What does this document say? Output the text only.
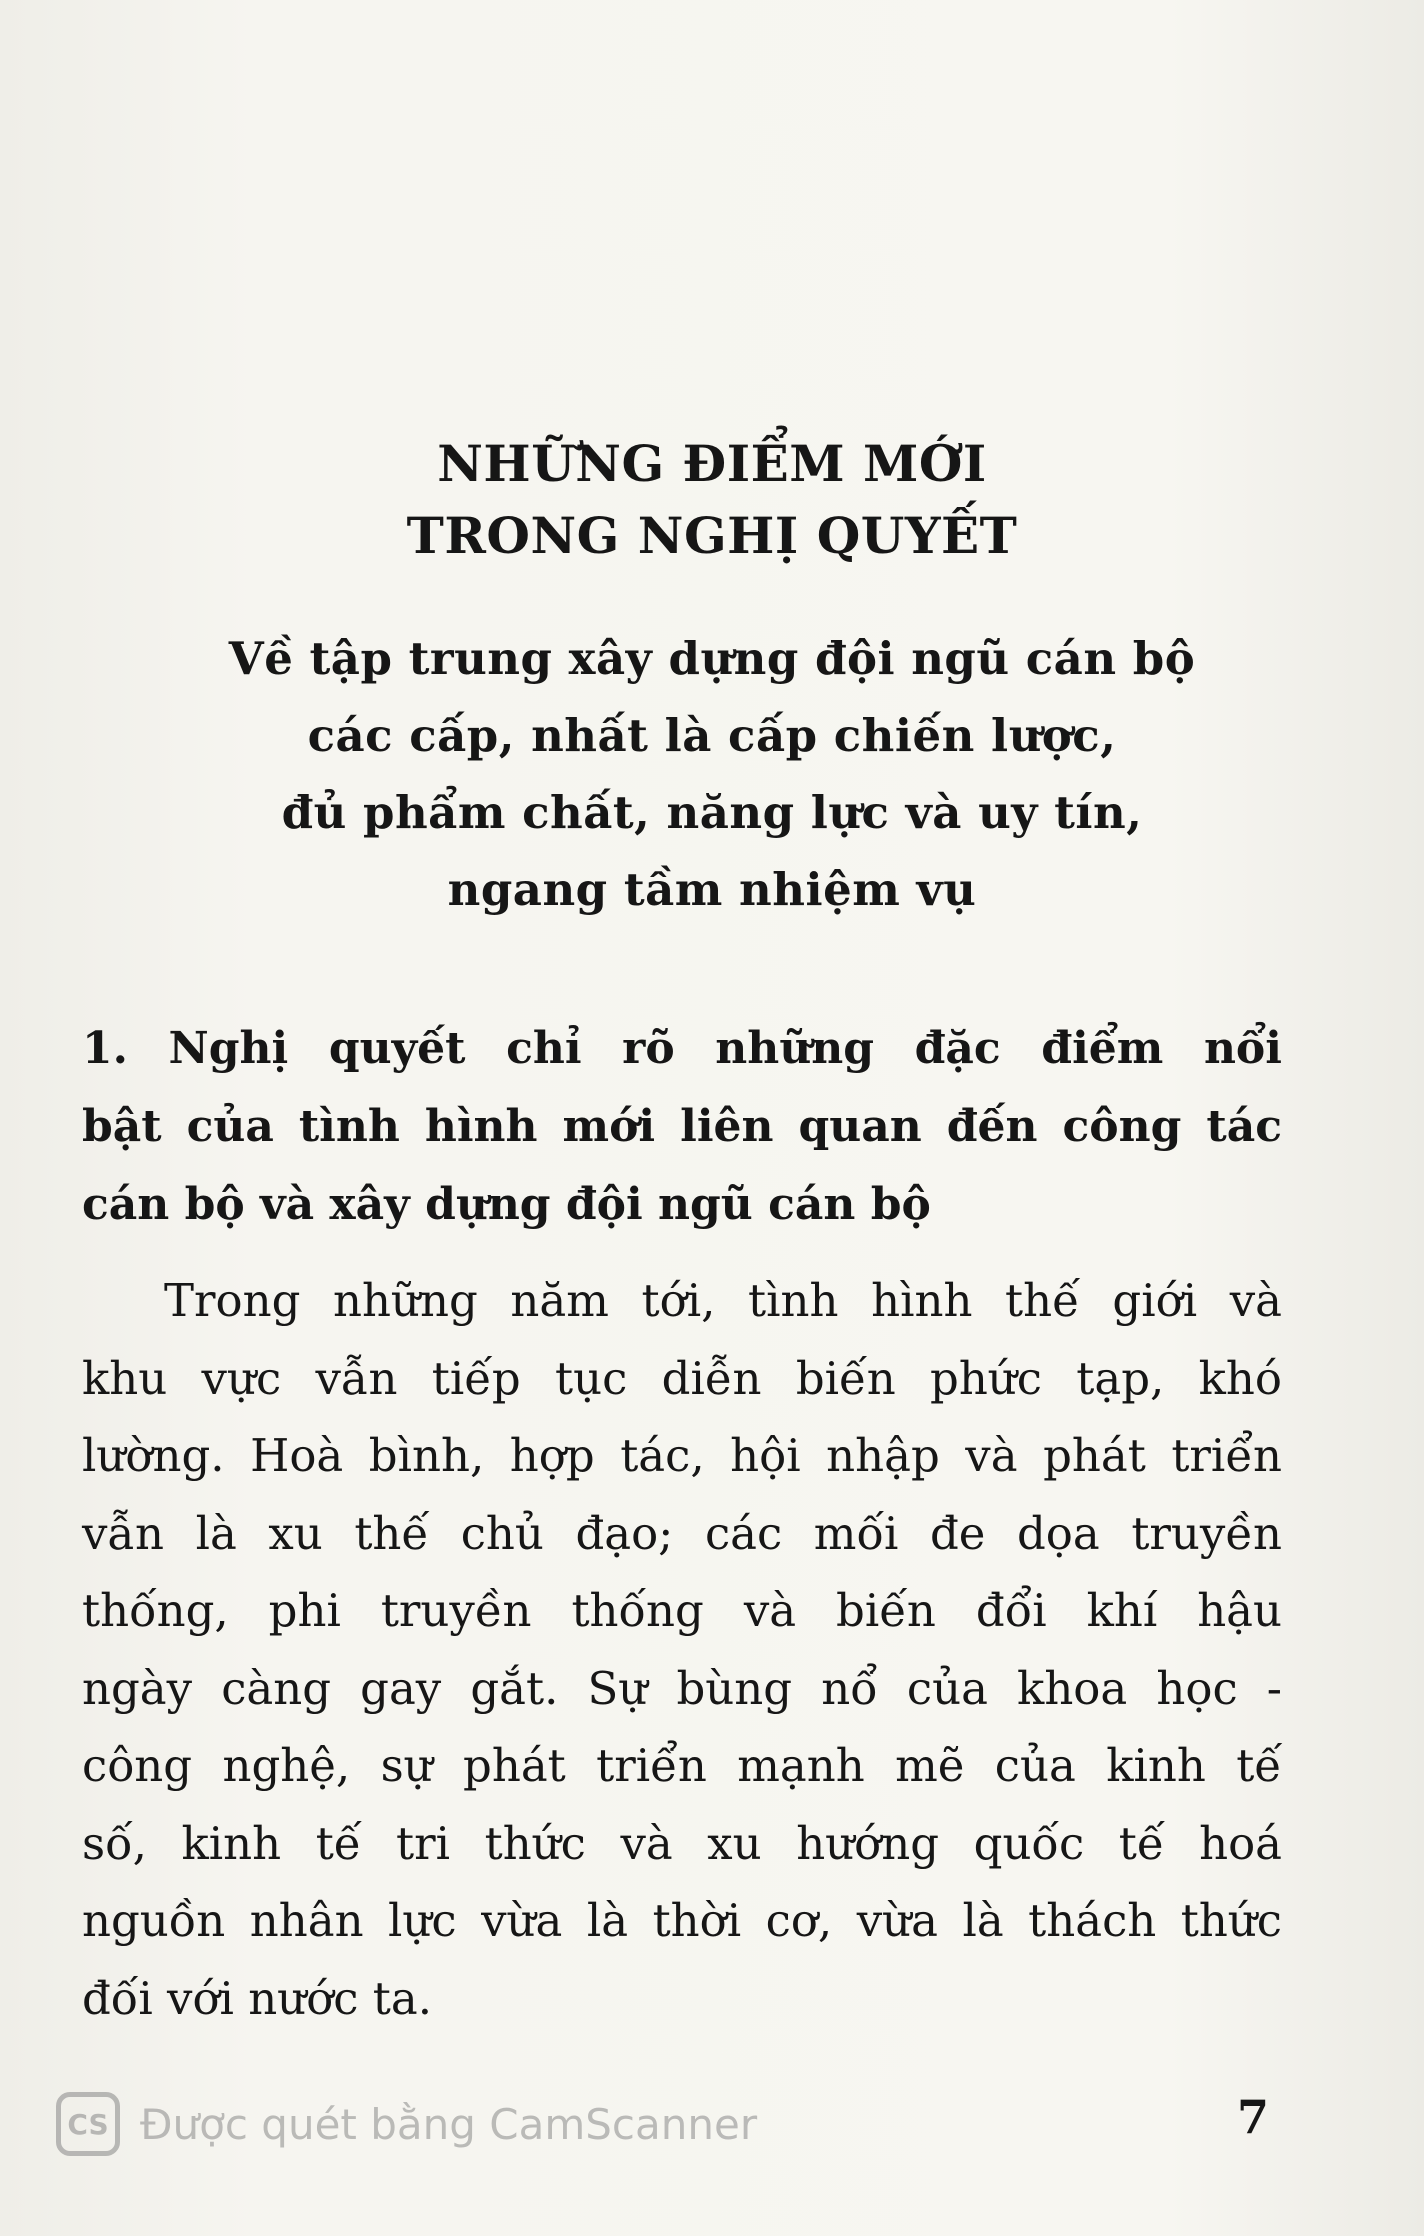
NHỮNG ĐIỂM MỚI
TRONG NGHỊ QUYẾT
Về tập trung xây dựng đội ngũ cán bộ
các cấp, nhất là cấp chiến lược,
đủ phẩm chất, năng lực và uy tín,
ngang tầm nhiệm vụ
1. Nghị quyết chỉ rõ những đặc điểm nổi
bật của tình hình mới liên quan đến công tác
cán bộ và xây dựng đội ngũ cán bộ
Trong những năm tới, tình hình thế giới và
khu vực vẫn tiếp tục diễn biến phức tạp, khó
lường. Hoà bình, hợp tác, hội nhập và phát triển
vẫn là xu thế chủ đạo; các mối đe dọa truyền
thống, phi truyền thống và biến đổi khí hậu
ngày càng gay gắt. Sự bùng nổ của khoa học -
công nghệ, sự phát triển mạnh mẽ của kinh tế
số, kinh tế tri thức và xu hướng quốc tế hoá
nguồn nhân lực vừa là thời cơ, vừa là thách thức
đối với nước ta.
7
CS Được quét bằng CamScanner
